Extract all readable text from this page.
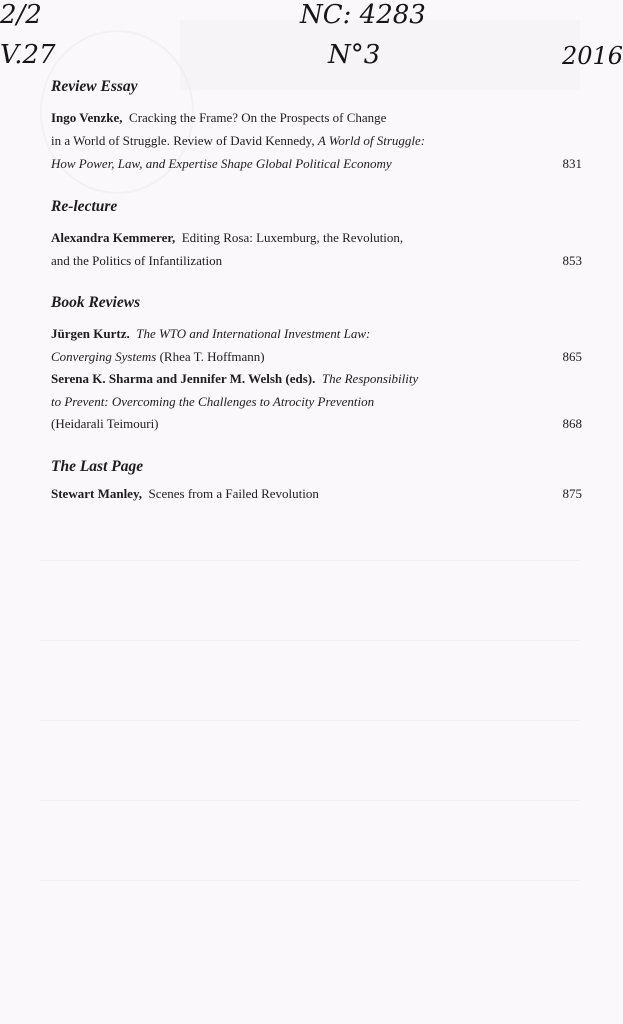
2/2
V.27
NC: 4283
N°3	2016
Review Essay
Ingo Venzke, Cracking the Frame? On the Prospects of Change
in a World of Struggle. Review of David Kennedy, A World of Struggle:
How Power, Law, and Expertise Shape Global Political Economy	831
Re-lecture
Alexandra Kemmerer, Editing Rosa: Luxemburg, the Revolution,
and the Politics of Infantilization	853
Book Reviews
Jürgen Kurtz. The WTO and International Investment Law:
Converging Systems (Rhea T. Hoffmann)	865
Serena K. Sharma and Jennifer M. Welsh (eds). The Responsibility
to Prevent: Overcoming the Challenges to Atrocity Prevention
(Heidarali Teimouri)	868
The Last Page
Stewart Manley, Scenes from a Failed Revolution	875
